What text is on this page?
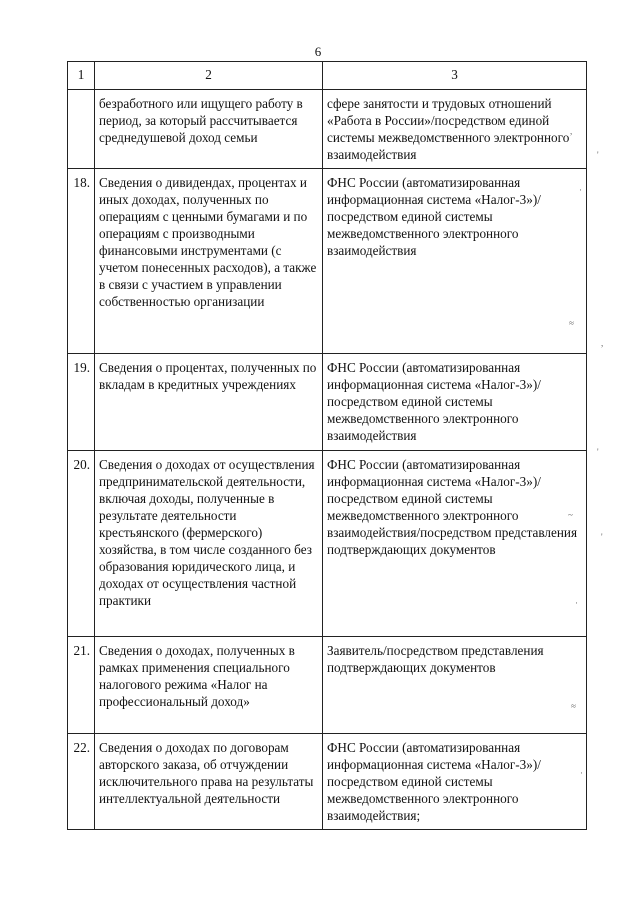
6
1	2	3
	безработного или ищущего работу в период, за который рассчитывается среднедушевой доход семьи	сфере занятости и трудовых отношений «Работа в России»/посредством единой системы межведомственного электронного взаимодействия
18.	Сведения о дивидендах, процентах и иных доходах, полученных по операциям с ценными бумагами и по операциям с производными финансовыми инструментами (с учетом понесенных расходов), а также в связи с участием в управлении собственностью организации	ФНС России (автоматизированная информационная система «Налог-3»)/посредством единой системы межведомственного электронного взаимодействия
19.	Сведения о процентах, полученных по вкладам в кредитных учреждениях	ФНС России (автоматизированная информационная система «Налог-3»)/посредством единой системы межведомственного электронного взаимодействия
20.	Сведения о доходах от осуществления предпринимательской деятельности, включая доходы, полученные в результате деятельности крестьянского (фермерского) хозяйства, в том числе созданного без образования юридического лица, и доходах от осуществления частной практики	ФНС России (автоматизированная информационная система «Налог-3»)/посредством единой системы межведомственного электронного взаимодействия/посредством представления подтверждающих документов
21.	Сведения о доходах, полученных в рамках применения специального налогового режима «Налог на профессиональный доход»	Заявитель/посредством представления подтверждающих документов
22.	Сведения о доходах по договорам авторского заказа, об отчуждении исключительного права на результаты интеллектуальной деятельности	ФНС России (автоматизированная информационная система «Налог-3»)/посредством единой системы межведомственного электронного взаимодействия;
,
'
·
≈
,
'
~
'
·
≈
·
